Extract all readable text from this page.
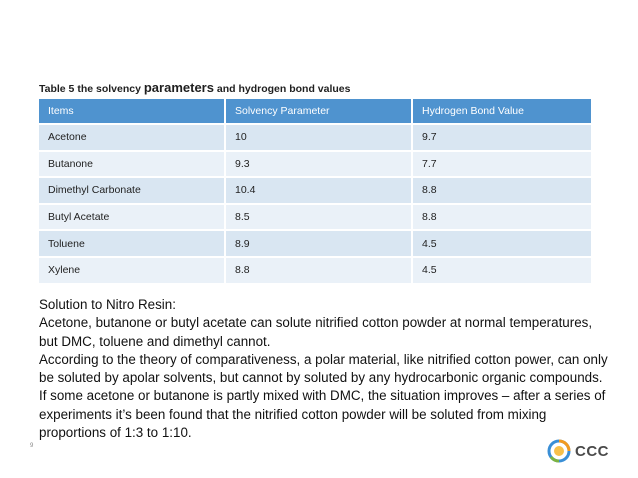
Table 5 the solvency parameters and hydrogen bond values
Items	Solvency Parameter	Hydrogen Bond Value
Acetone	10	9.7
Butanone	9.3	7.7
Dimethyl Carbonate	10.4	8.8
Butyl Acetate	8.5	8.8
Toluene	8.9	4.5
Xylene	8.8	4.5

Solution to Nitro Resin:

Acetone, butanone or butyl acetate can solute nitrified cotton powder at normal temperatures, but DMC, toluene and dimethyl cannot.

According to the theory of comparativeness, a polar material, like nitrified cotton power, can only be soluted by apolar solvents, but cannot by soluted by any hydrocarbonic organic compounds. If some acetone or butanone is partly mixed with DMC, the situation improves – after a series of experiments it’s been found that the nitrified cotton powder will be soluted from mixing proportions of 1:3 to 1:10.

9	CCC
